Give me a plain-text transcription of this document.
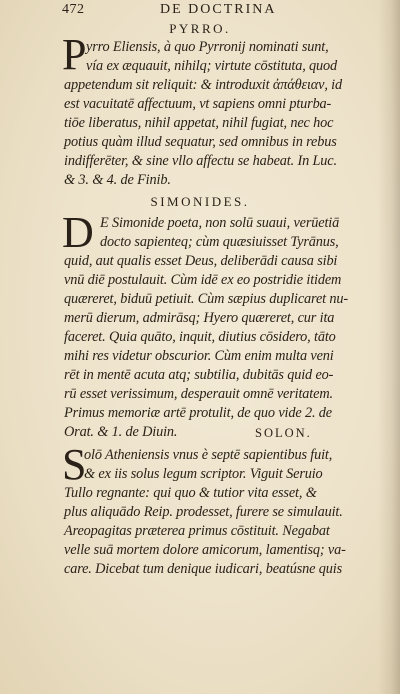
472	DE DOCTRINA
PYRRO.
P yrro Eliensis, à quo Pyrronij nominati sunt,
vía ex æquauit, nihilq; virtute cōstituta, quod
appetendum sit reliquit: & introduxit ἀπάθειαν, id
est vacuitatē affectuum, vt sapiens omni pturba-
tiōe liberatus, nihil appetat, nihil fugiat, nec hoc
potius quàm illud sequatur, sed omnibus in rebus
indifferēter, & sine vllo affectu se habeat. In Luc.
& 3. & 4. de Finib.
SIMONIDES.
D E Simonide poeta, non solū suaui, verūetiā
docto sapienteq; cùm quæsiuisset Tyrānus,
quid, aut qualis esset Deus, deliberādi causa sibi
vnū diē postulauit. Cùm idē ex eo postridie itidem
quæreret, biduū petiuit. Cùm sæpius duplicaret nu-
merū dierum, admirāsq; Hyero quæreret, cur ita
faceret. Quia quāto, inquit, diutius cōsidero, tāto
mihi res videtur obscurior. Cùm enim multa veni
rēt in mentē acuta atq; subtilia, dubitās quid eo-
rū esset verissimum, desperauit omnē veritatem.
Primus memoriæ artē protulit, de quo vide 2. de
Orat. & 1. de Diuin.	SOLON.
S
olō Atheniensis vnus è septē sapientibus fuit,
& ex iis solus legum scriptor. Viguit Seruio
Tullo regnante: qui quo & tutior vita esset, &
plus aliquādo Reip. prodesset, furere se simulauit.
Areopagitas præterea primus cōstituit. Negabat
velle suā mortem dolore amicorum, lamentisq; va-
care. Dicebat tum denique iudicari, beatúsne quis
